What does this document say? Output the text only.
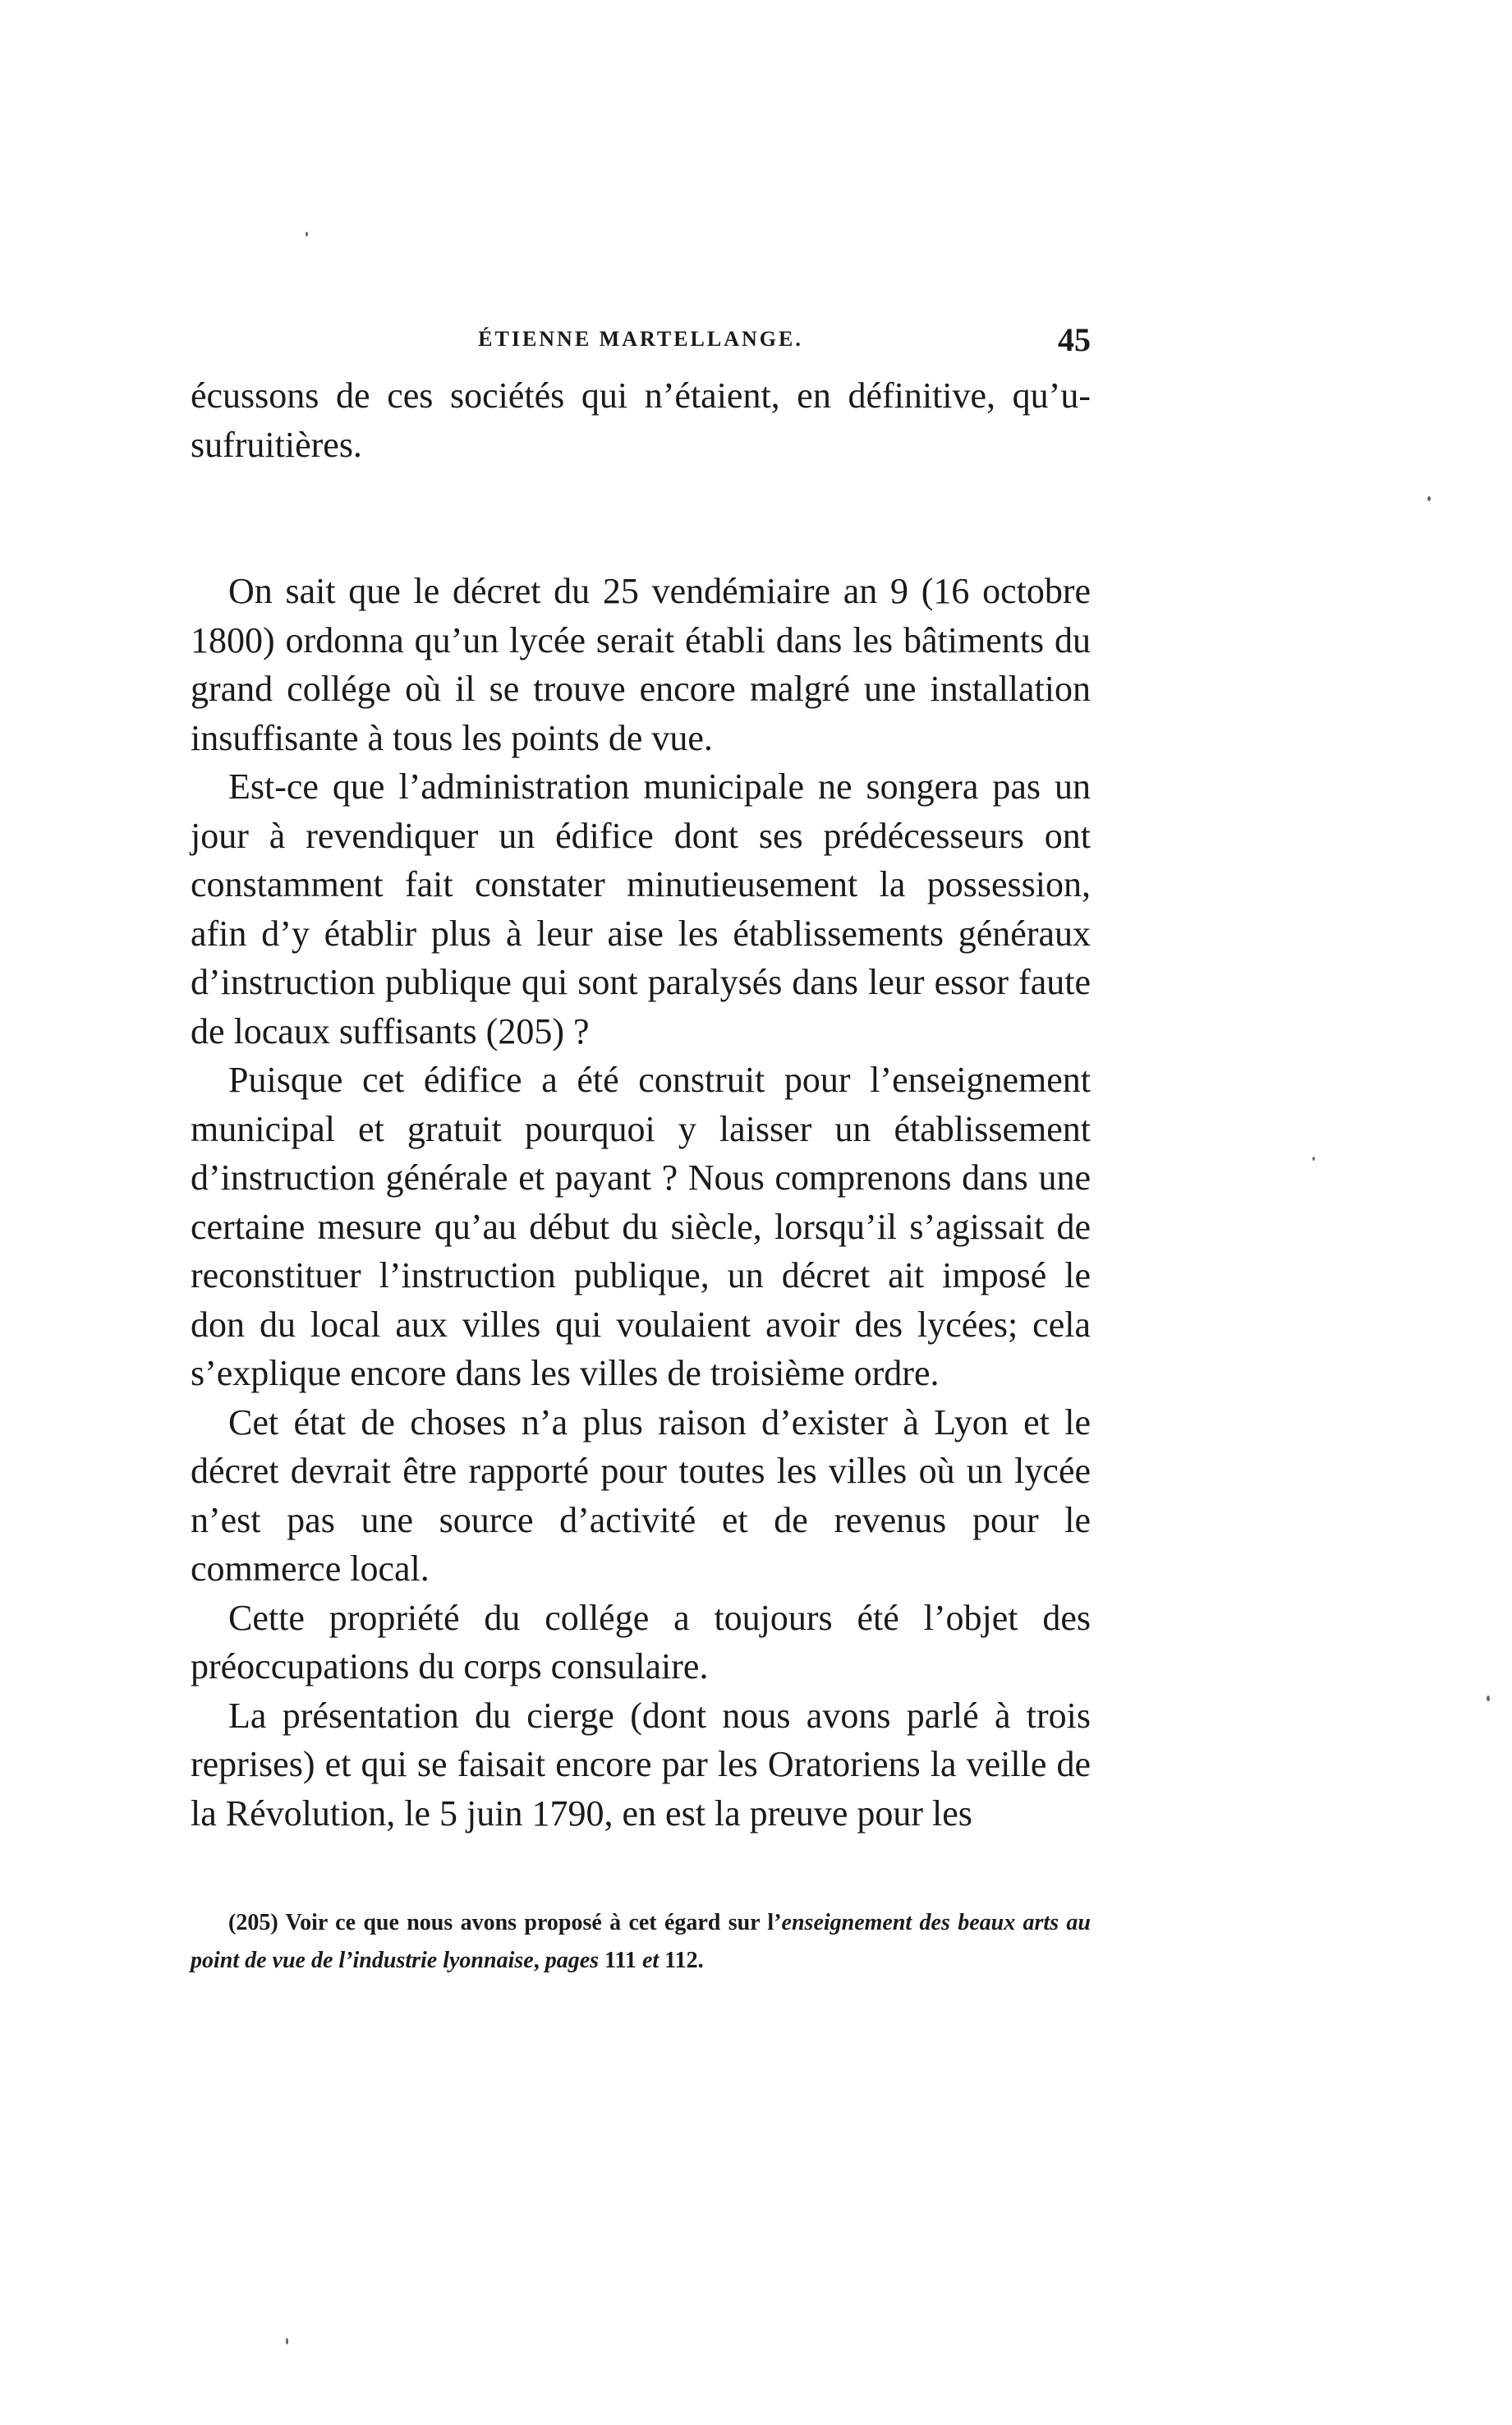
ÉTIENNE MARTELLANGE.	45

écussons de ces sociétés qui n’étaient, en définitive, qu’u-sufruitières.

On sait que le décret du 25 vendémiaire an 9 (16 octobre 1800) ordonna qu’un lycée serait établi dans les bâtiments du grand collége où il se trouve encore malgré une installation insuffisante à tous les points de vue.

Est-ce que l’administration municipale ne songera pas un jour à revendiquer un édifice dont ses prédécesseurs ont constamment fait constater minutieusement la possession, afin d’y établir plus à leur aise les établissements généraux d’instruction publique qui sont paralysés dans leur essor faute de locaux suffisants (205) ?

Puisque cet édifice a été construit pour l’enseignement municipal et gratuit pourquoi y laisser un établissement d’instruction générale et payant ? Nous comprenons dans une certaine mesure qu’au début du siècle, lorsqu’il s’agissait de reconstituer l’instruction publique, un décret ait imposé le don du local aux villes qui voulaient avoir des lycées; cela s’explique encore dans les villes de troisième ordre.

Cet état de choses n’a plus raison d’exister à Lyon et le décret devrait être rapporté pour toutes les villes où un lycée n’est pas une source d’activité et de revenus pour le commerce local.

Cette propriété du collége a toujours été l’objet des préoccupations du corps consulaire.

La présentation du cierge (dont nous avons parlé à trois reprises) et qui se faisait encore par les Oratoriens la veille de la Révolution, le 5 juin 1790, en est la preuve pour les

(205) Voir ce que nous avons proposé à cet égard sur l’enseignement des beaux arts au point de vue de l’industrie lyonnaise, pages 111 et 112.
